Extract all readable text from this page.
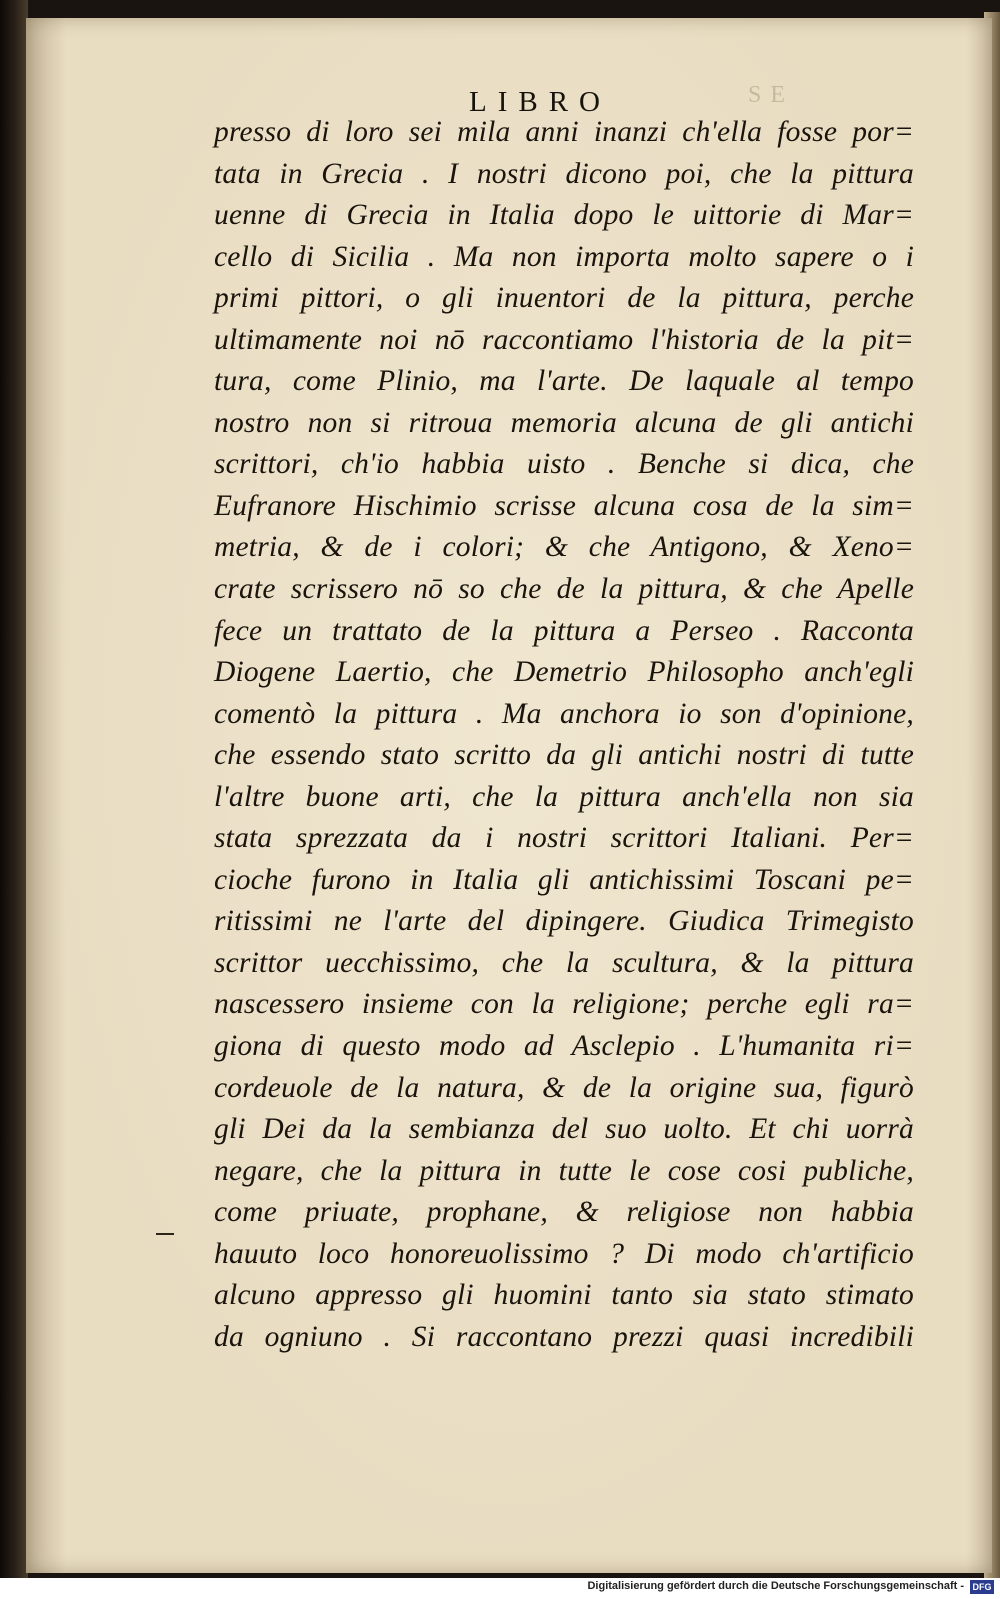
SE
LIBRO
presso di loro sei mila anni inanzi ch'ella fosse por=
tata in Grecia . I nostri dicono poi, che la pittura
uenne di Grecia in Italia dopo le uittorie di Mar=
cello di Sicilia . Ma non importa molto sapere o i
primi pittori, o gli inuentori de la pittura, perche
ultimamente noi nō raccontiamo l'historia de la pit=
tura, come Plinio, ma l'arte. De laquale al tempo
nostro non si ritroua memoria alcuna de gli antichi
scrittori, ch'io habbia uisto . Benche si dica, che
Eufranore Hischimio scrisse alcuna cosa de la sim=
metria, & de i colori; & che Antigono, & Xeno=
crate scrissero nō so che de la pittura, & che Apelle
fece un trattato de la pittura a Perseo . Racconta
Diogene Laertio, che Demetrio Philosopho anch'egli
comentò la pittura . Ma anchora io son d'opinione,
che essendo stato scritto da gli antichi nostri di tutte
l'altre buone arti, che la pittura anch'ella non sia
stata sprezzata da i nostri scrittori Italiani. Per=
cioche furono in Italia gli antichissimi Toscani pe=
ritissimi ne l'arte del dipingere. Giudica Trimegisto
scrittor uecchissimo, che la scultura, & la pittura
nascessero insieme con la religione; perche egli ra=
giona di questo modo ad Asclepio . L'humanita ri=
cordeuole de la natura, & de la origine sua, figurò
gli Dei da la sembianza del suo uolto. Et chi uorrà
negare, che la pittura in tutte le cose cosi publiche,
come priuate, prophane, & religiose non habbia
hauuto loco honoreuolissimo ? Di modo ch'artificio
alcuno appresso gli huomini tanto sia stato stimato
da ogniuno . Si raccontano prezzi quasi incredibili
Digitalisierung gefördert durch die Deutsche Forschungsgemeinschaft - DFG
